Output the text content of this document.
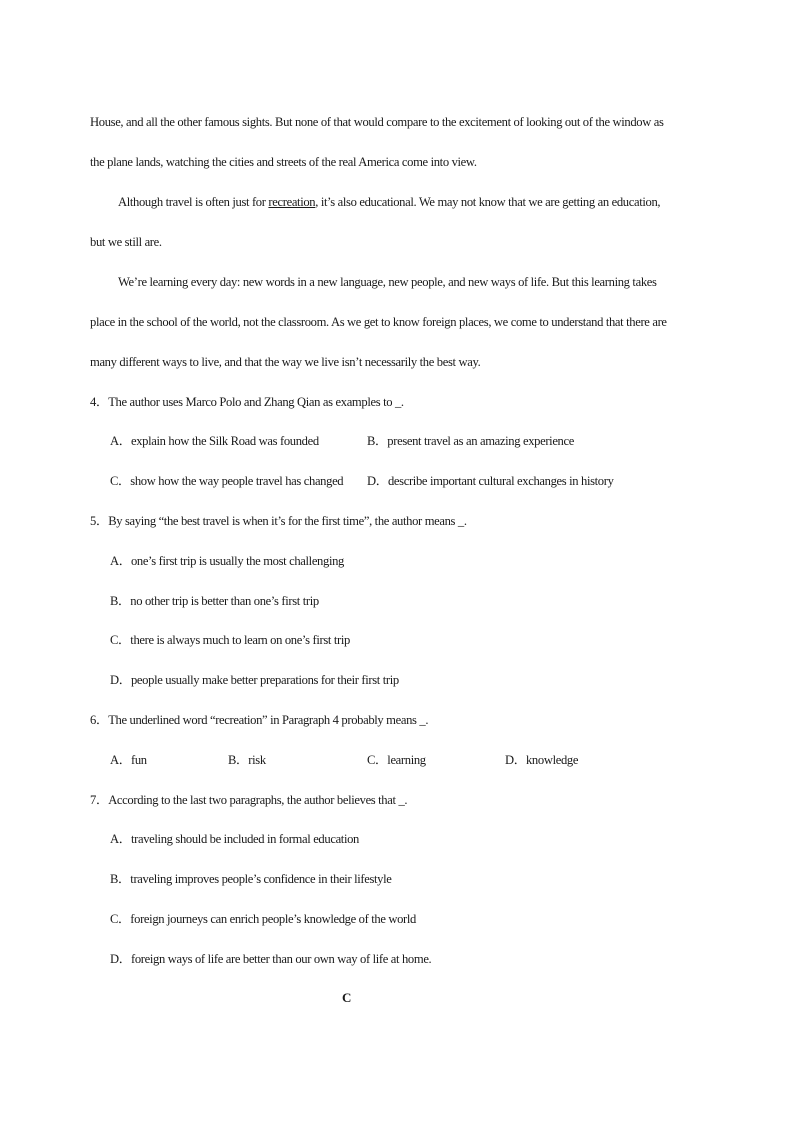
House, and all the other famous sights. But none of that would compare to the excitement of looking out of the window as
the plane lands, watching the cities and streets of the real America come into view.
Although travel is often just for recreation, it’s also educational. We may not know that we are getting an education,
but we still are.
We’re learning every day: new words in a new language, new people, and new ways of life. But this learning takes
place in the school of the world, not the classroom. As we get to know foreign places, we come to understand that there are
many different ways to live, and that the way we live isn’t necessarily the best way.
4．The author uses Marco Polo and Zhang Qian as examples to _.
A．explain how the Silk Road was founded	B．present travel as an amazing experience
C．show how the way people travel has changed D．describe important cultural exchanges in history
5．By saying “the best travel is when it’s for the first time”, the author means _.
A．one’s first trip is usually the most challenging
B．no other trip is better than one’s first trip
C．there is always much to learn on one’s first trip
D．people usually make better preparations for their first trip
6．The underlined word “recreation” in Paragraph 4 probably means _.
A．fun	B．risk	C．learning	D．knowledge
7．According to the last two paragraphs, the author believes that _.
A．traveling should be included in formal education
B．traveling improves people’s confidence in their lifestyle
C．foreign journeys can enrich people’s knowledge of the world
D．foreign ways of life are better than our own way of life at home.
C
